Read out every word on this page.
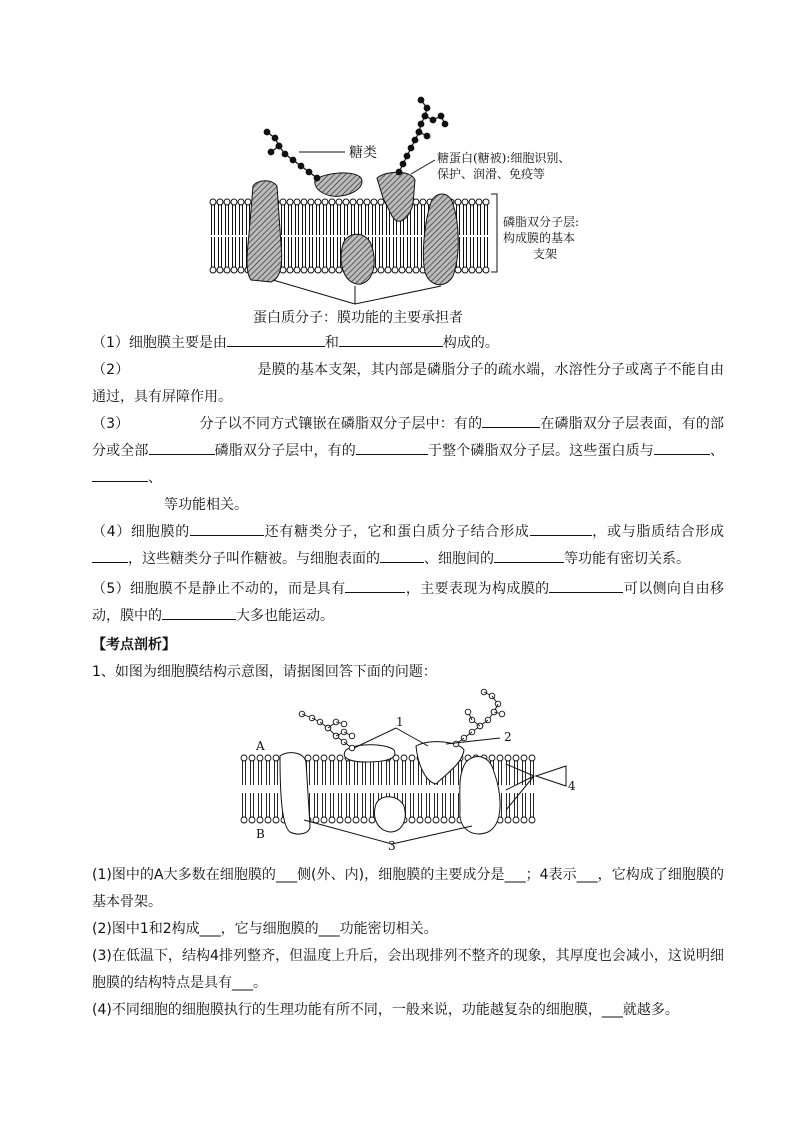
糖类	糖蛋白(糖被):细胞识别、
保护、润滑、免疫等
磷脂双分子层:
构成膜的基本
支架
蛋白质分子：膜功能的主要承担者

（1）细胞膜主要是由	和	构成的。

（2）	是膜的基本支架，其内部是磷脂分子的疏水端，水溶性分子或离子不能自由通过，具有屏障作用。

（3）	分子以不同方式镶嵌在磷脂双分子层中：有的	在磷脂双分子层表面，有的部分或全部	磷脂双分子层中，有的	于整个磷脂双分子层。这些蛋白质与	、、
等功能相关。

（4）细胞膜的	还有糖类分子，它和蛋白质分子结合形成	，或与脂质结合形成，这些糖类分子叫作糖被。与细胞表面的	、细胞间的	等功能有密切关系。

（5）细胞膜不是静止不动的，而是具有	，主要表现为构成膜的	可以侧向自由移动，膜中的	大多也能运动。

【考点剖析】
1、如图为细胞膜结构示意图，请据图回答下面的问题：
1
2
3
4
A
B
(1)图中的A大多数在细胞膜的___侧(外、内)，细胞膜的主要成分是___；4表示___，它构成了细胞膜的基本骨架。
(2)图中1和2构成___，它与细胞膜的___功能密切相关。
(3)在低温下，结构4排列整齐，但温度上升后，会出现排列不整齐的现象，其厚度也会减小，这说明细胞膜的结构特点是具有___。
(4)不同细胞的细胞膜执行的生理功能有所不同，一般来说，功能越复杂的细胞膜，___就越多。
